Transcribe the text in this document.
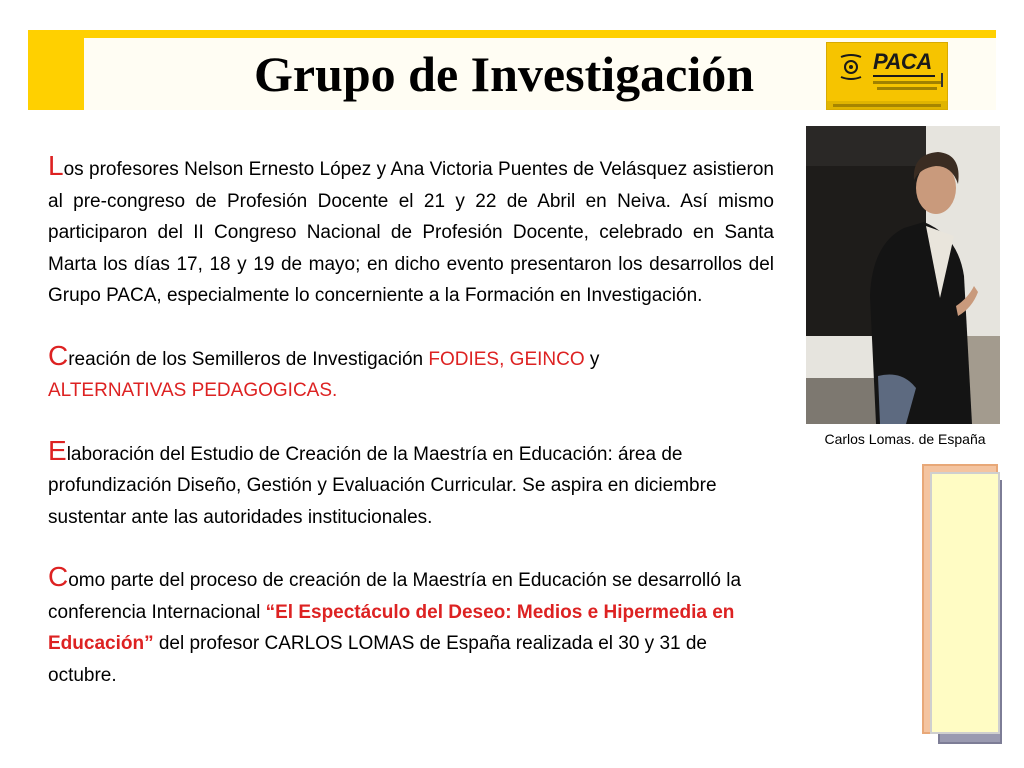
Grupo de Investigación	PACA

Los profesores Nelson Ernesto López y Ana Victoria Puentes de Velásquez asistieron al pre-congreso de Profesión Docente el 21 y 22 de Abril en Neiva. Así mismo participaron del II Congreso Nacional de Profesión Docente, celebrado en Santa Marta los días 17, 18 y 19 de mayo; en dicho evento presentaron los desarrollos del Grupo PACA, especialmente lo concerniente a la Formación en Investigación.

Creación de los Semilleros de Investigación FODIES, GEINCO y
ALTERNATIVAS PEDAGOGICAS.

Elaboración del Estudio de Creación de la Maestría en Educación: área de profundización Diseño, Gestión y Evaluación Curricular. Se aspira en diciembre sustentar ante las autoridades institucionales.

Como parte del proceso de creación de la Maestría en Educación se desarrolló la conferencia Internacional “El Espectáculo del Deseo: Medios e Hipermedia en Educación” del profesor CARLOS LOMAS de España realizada el 30 y 31 de octubre.

Carlos Lomas. de España
